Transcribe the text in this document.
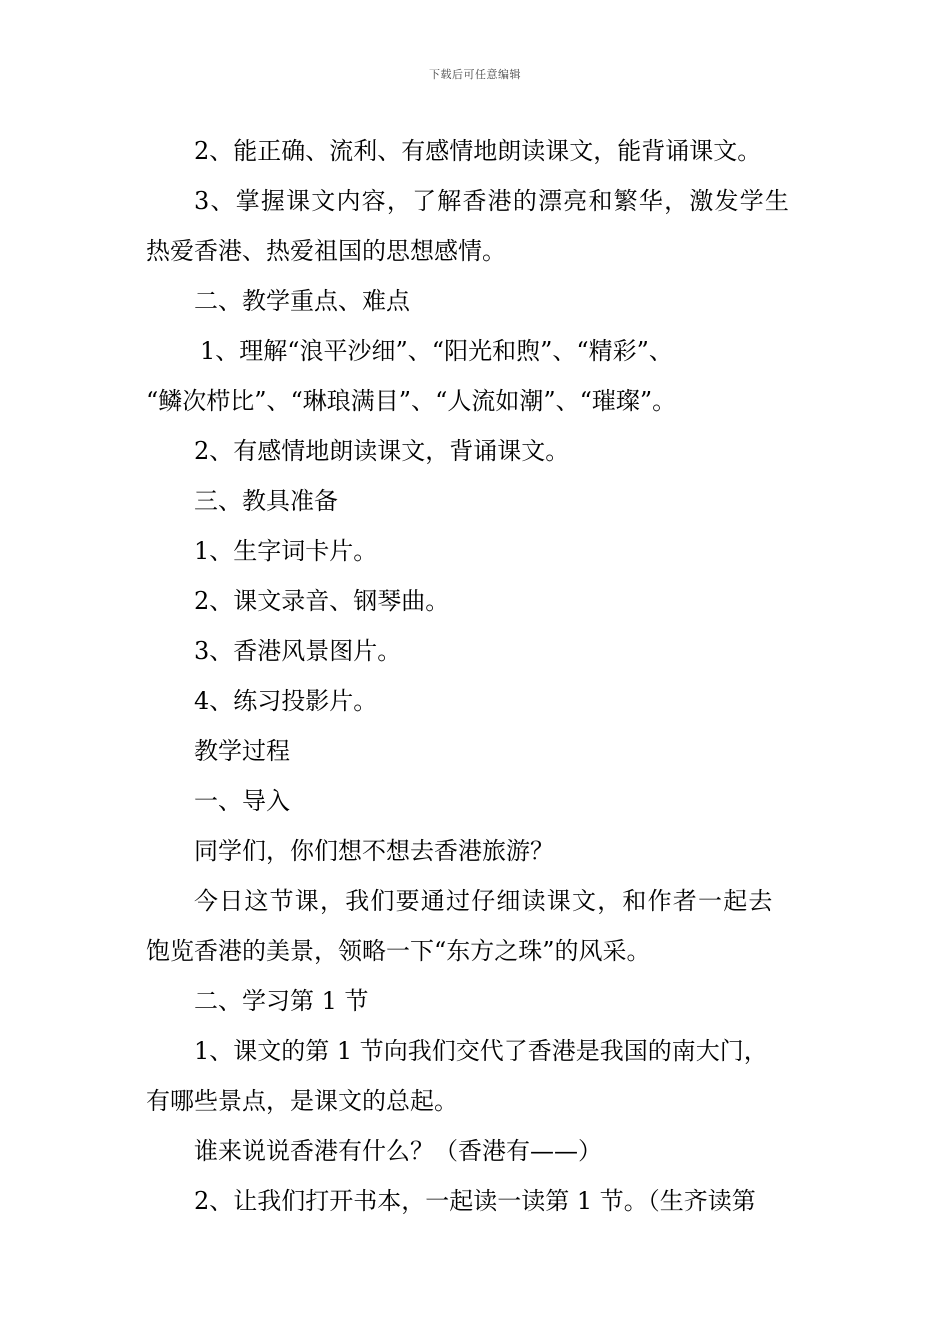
下载后可任意编辑
2、能正确、流利、有感情地朗读课文，能背诵课文。
3、掌握课文内容，了解香港的漂亮和繁华，激发学生
热爱香港、热爱祖国的思想感情。
二、教学重点、难点
1、理解“浪平沙细”、“阳光和煦”、“精彩”、
“鳞次栉比”、“琳琅满目”、“人流如潮”、“璀璨”。
2、有感情地朗读课文，背诵课文。
三、教具准备
1、生字词卡片。
2、课文录音、钢琴曲。
3、香港风景图片。
4、练习投影片。
教学过程
一、导入
同学们，你们想不想去香港旅游？
今日这节课，我们要通过仔细读课文，和作者一起去
饱览香港的美景，领略一下“东方之珠”的风采。
二、学习第 1 节
1、课文的第 1 节向我们交代了香港是我国的南大门，
有哪些景点，是课文的总起。
谁来说说香港有什么？（香港有——）
2、让我们打开书本，一起读一读第 1 节。（生齐读第
